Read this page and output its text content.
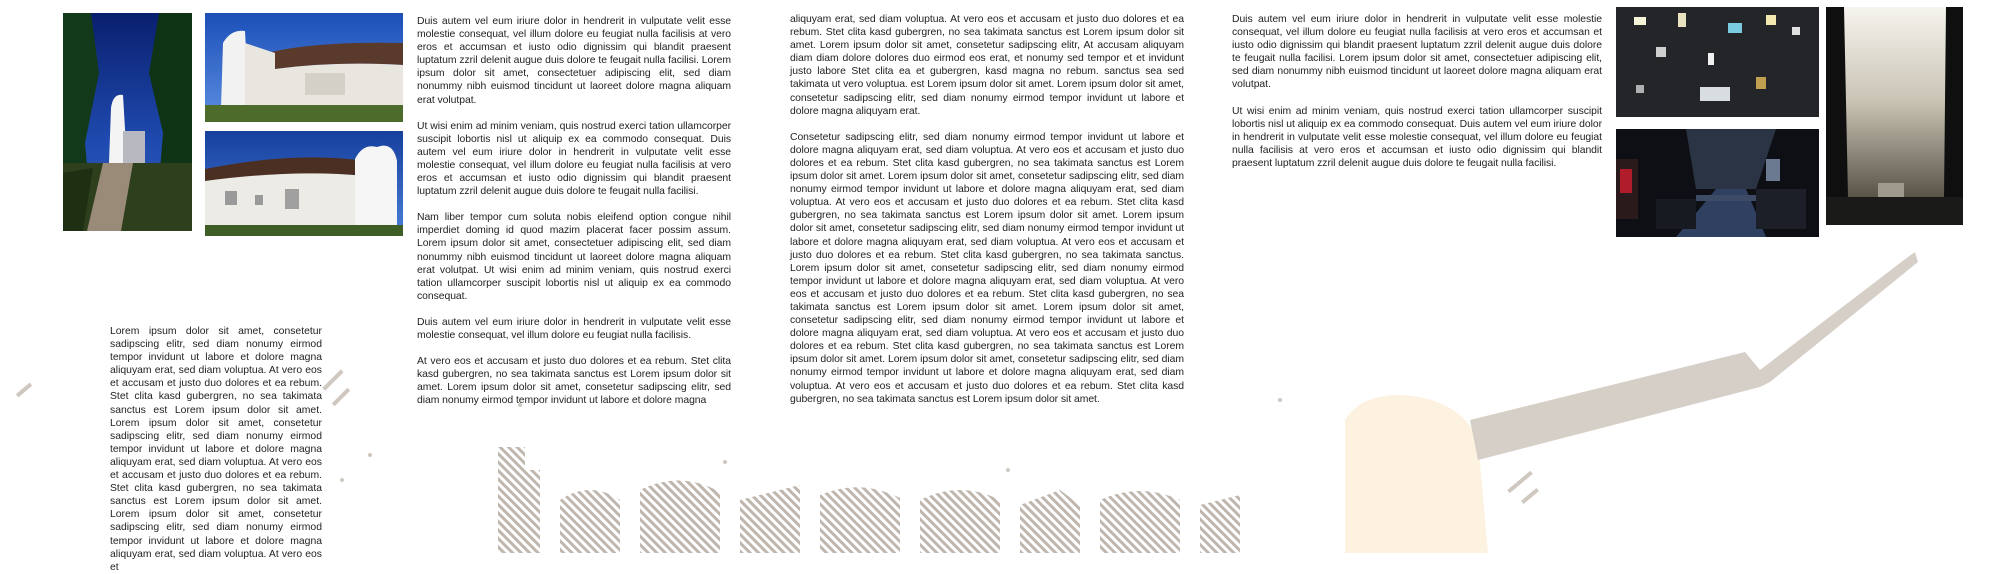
Duis autem vel eum iriure dolor in hendrerit in vulputate velit esse molestie consequat, vel illum dolore eu feugiat nulla facilisis at vero eros et accumsan et iusto odio dignissim qui blandit praesent luptatum zzril delenit augue duis dolore te feugait nulla facilisi. Lorem ipsum dolor sit amet, consectetuer adipiscing elit, sed diam nonummy nibh euismod tincidunt ut laoreet dolore magna aliquam erat volutpat.

Ut wisi enim ad minim veniam, quis nostrud exerci tation ullamcorper suscipit lobortis nisl ut aliquip ex ea commodo consequat. Duis autem vel eum iriure dolor in hendrerit in vulputate velit esse molestie consequat, vel illum dolore eu feugiat nulla facilisis at vero eros et accumsan et iusto odio dignissim qui blandit praesent luptatum zzril delenit augue duis dolore te feugait nulla facilisi.

Nam liber tempor cum soluta nobis eleifend option congue nihil imperdiet doming id quod mazim placerat facer possim assum. Lorem ipsum dolor sit amet, consectetuer adipiscing elit, sed diam nonummy nibh euismod tincidunt ut laoreet dolore magna aliquam erat volutpat. Ut wisi enim ad minim veniam, quis nostrud exerci tation ullamcorper suscipit lobortis nisl ut aliquip ex ea commodo consequat.

Duis autem vel eum iriure dolor in hendrerit in vulputate velit esse molestie consequat, vel illum dolore eu feugiat nulla facilisis.

At vero eos et accusam et justo duo dolores et ea rebum. Stet clita kasd gubergren, no sea takimata sanctus est Lorem ipsum dolor sit amet. Lorem ipsum dolor sit amet, consetetur sadipscing elitr, sed diam nonumy eirmod tempor invidunt ut labore et dolore magna

aliquyam erat, sed diam voluptua. At vero eos et accusam et justo duo dolores et ea rebum. Stet clita kasd gubergren, no sea takimata sanctus est Lorem ipsum dolor sit amet. Lorem ipsum dolor sit amet, consetetur sadipscing elitr, At accusam aliquyam diam diam dolore dolores duo eirmod eos erat, et nonumy sed tempor et et invidunt justo labore Stet clita ea et gubergren, kasd magna no rebum. sanctus sea sed takimata ut vero voluptua. est Lorem ipsum dolor sit amet. Lorem ipsum dolor sit amet, consetetur sadipscing elitr, sed diam nonumy eirmod tempor invidunt ut labore et dolore magna aliquyam erat.

Consetetur sadipscing elitr, sed diam nonumy eirmod tempor invidunt ut labore et dolore magna aliquyam erat, sed diam voluptua. At vero eos et accusam et justo duo dolores et ea rebum. Stet clita kasd gubergren, no sea takimata sanctus est Lorem ipsum dolor sit amet. Lorem ipsum dolor sit amet, consetetur sadipscing elitr, sed diam nonumy eirmod tempor invidunt ut labore et dolore magna aliquyam erat, sed diam voluptua. At vero eos et accusam et justo duo dolores et ea rebum. Stet clita kasd gubergren, no sea takimata sanctus est Lorem ipsum dolor sit amet. Lorem ipsum dolor sit amet, consetetur sadipscing elitr, sed diam nonumy eirmod tempor invidunt ut labore et dolore magna aliquyam erat, sed diam voluptua. At vero eos et accusam et justo duo dolores et ea rebum. Stet clita kasd gubergren, no sea takimata sanctus. Lorem ipsum dolor sit amet, consetetur sadipscing elitr, sed diam nonumy eirmod tempor invidunt ut labore et dolore magna aliquyam erat, sed diam voluptua. At vero eos et accusam et justo duo dolores et ea rebum. Stet clita kasd gubergren, no sea takimata sanctus est Lorem ipsum dolor sit amet. Lorem ipsum dolor sit amet, consetetur sadipscing elitr, sed diam nonumy eirmod tempor invidunt ut labore et dolore magna aliquyam erat, sed diam voluptua. At vero eos et accusam et justo duo dolores et ea rebum. Stet clita kasd gubergren, no sea takimata sanctus est Lorem ipsum dolor sit amet. Lorem ipsum dolor sit amet, consetetur sadipscing elitr, sed diam nonumy eirmod tempor invidunt ut labore et dolore magna aliquyam erat, sed diam voluptua. At vero eos et accusam et justo duo dolores et ea rebum. Stet clita kasd gubergren, no sea takimata sanctus est Lorem ipsum dolor sit amet.

Duis autem vel eum iriure dolor in hendrerit in vulputate velit esse molestie consequat, vel illum dolore eu feugiat nulla facilisis at vero eros et accumsan et iusto odio dignissim qui blandit praesent luptatum zzril delenit augue duis dolore te feugait nulla facilisi. Lorem ipsum dolor sit amet, consectetuer adipiscing elit, sed diam nonummy nibh euismod tincidunt ut laoreet dolore magna aliquam erat volutpat.

Ut wisi enim ad minim veniam, quis nostrud exerci tation ullamcorper suscipit lobortis nisl ut aliquip ex ea commodo consequat. Duis autem vel eum iriure dolor in hendrerit in vulputate velit esse molestie consequat, vel illum dolore eu feugiat nulla facilisis at vero eros et accumsan et iusto odio dignissim qui blandit praesent luptatum zzril delenit augue duis dolore te feugait nulla facilisi.

Lorem ipsum dolor sit amet, consetetur sadipscing elitr, sed diam nonumy eirmod tempor invidunt ut labore et dolore magna aliquyam erat, sed diam voluptua. At vero eos et accusam et justo duo dolores et ea rebum. Stet clita kasd gubergren, no sea takimata sanctus est Lorem ipsum dolor sit amet. Lorem ipsum dolor sit amet, consetetur sadipscing elitr, sed diam nonumy eirmod tempor invidunt ut labore et dolore magna aliquyam erat, sed diam voluptua. At vero eos et accusam et justo duo dolores et ea rebum. Stet clita kasd gubergren, no sea takimata sanctus est Lorem ipsum dolor sit amet. Lorem ipsum dolor sit amet, consetetur sadipscing elitr, sed diam nonumy eirmod tempor invidunt ut labore et dolore magna aliquyam erat, sed diam voluptua. At vero eos et
